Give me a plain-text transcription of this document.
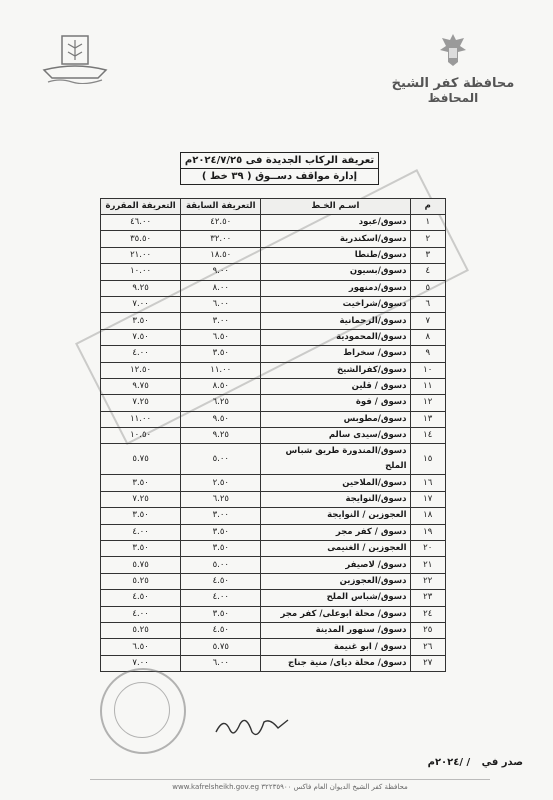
محافظة كفر الشيخ
المحافظ
تعريفة الركاب الجديدة فى ٢٠٢٤/٧/٢٥م
إدارة مواقف دســوق ( ٣٩ خط )
م	اسـم الخـط	التعريفة السابقة	التعريفة المقررة
١	دسوق/عبود	٤٢.٥٠	٤٦.٠٠
٢	دسوق/اسكندرية	٣٢.٠٠	٣٥.٥٠
٣	دسوق/طنطا	١٨.٥٠	٢١.٠٠
٤	دسوق/بسيون	٩.٠٠	١٠.٠٠
٥	دسوق/دمنهور	٨.٠٠	٩.٢٥
٦	دسوق/شراخيت	٦.٠٠	٧.٠٠
٧	دسوق/الرحمانية	٣.٠٠	٣.٥٠
٨	دسوق/المحمودية	٦.٥٠	٧.٥٠
٩	دسوق/ سخراط	٣.٥٠	٤.٠٠
١٠	دسوق/كفرالشيخ	١١.٠٠	١٢.٥٠
١١	دسوق / قلين	٨.٥٠	٩.٧٥
١٢	دسوق / فوة	٦.٢٥	٧.٢٥
١٣	دسوق/مطوبس	٩.٥٠	١١.٠٠
١٤	دسوق/سيدى سالم	٩.٢٥	١٠.٥٠
١٥	دسوق/المندورة طريق شباس الملح	٥.٠٠	٥.٧٥
١٦	دسوق/الملاحين	٢.٥٠	٣.٥٠
١٧	دسوق/النوايجة	٦.٢٥	٧.٢٥
١٨	العجوزين / النوايجة	٣.٠٠	٣.٥٠
١٩	دسوق / كفر مجر	٣.٥٠	٤.٠٠
٢٠	العجوزين / الغنيمى	٣.٥٠	٣.٥٠
٢١	دسوق/ لاصيفر	٥.٠٠	٥.٧٥
٢٢	دسوق/العجوزين	٤.٥٠	٥.٢٥
٢٣	دسوق/شباس الملح	٤.٠٠	٤.٥٠
٢٤	دسوق/ محلة ابوعلى/ كفر مجر	٣.٥٠	٤.٠٠
٢٥	دسوق/ سنهور المدينة	٤.٥٠	٥.٢٥
٢٦	دسوق / ابو غنيمة	٥.٧٥	٦.٥٠
٢٧	دسوق/ محلة دياى/ منية جناج	٦.٠٠	٧.٠٠
صدر في / /٢٠٢٤م
محافظة كفر الشيخ الديوان العام فاكس ٣٢٢٣٥٩٠٠ www.kafrelsheikh.gov.eg
